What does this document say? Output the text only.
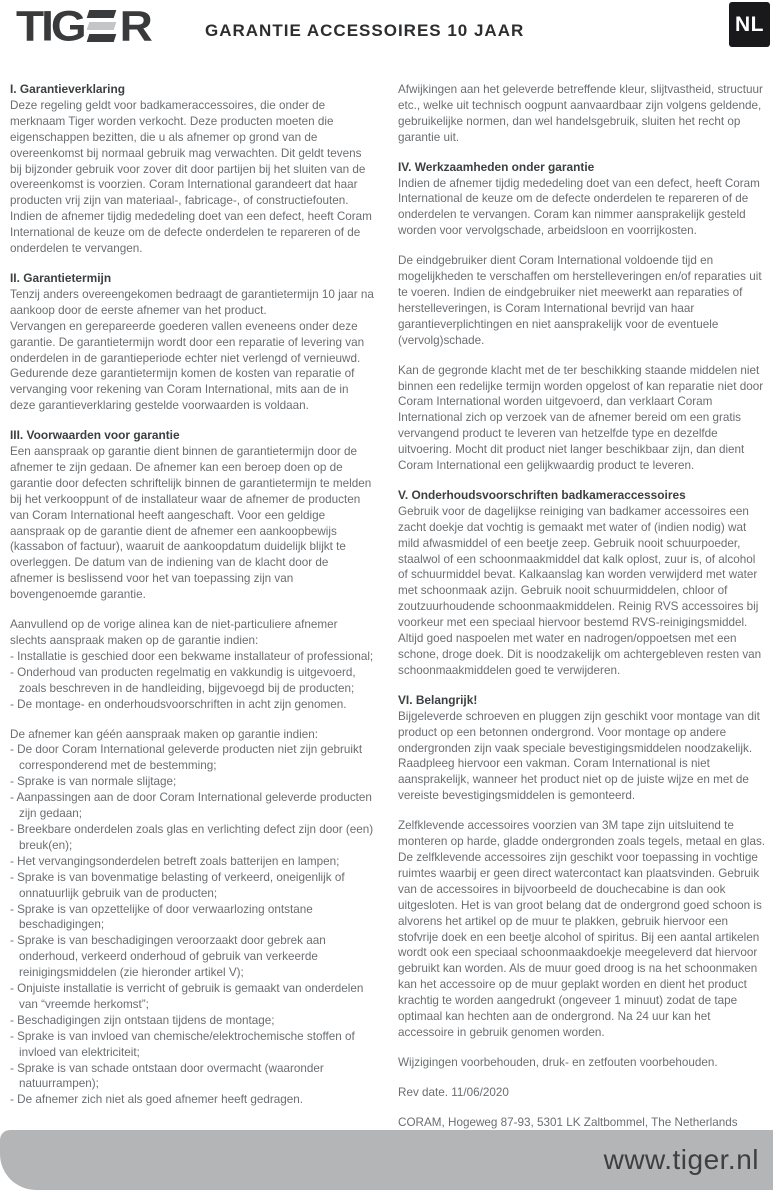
TIG R	GARANTIE ACCESSOIRES 10 JAAR	NL
I. Garantieverklaring

Deze regeling geldt voor badkameraccessoires, die onder de merknaam Tiger worden verkocht. Deze producten moeten die eigenschappen bezitten, die u als afnemer op grond van de overeenkomst bij normaal gebruik mag verwachten. Dit geldt tevens bij bijzonder gebruik voor zover dit door partijen bij het sluiten van de overeenkomst is voorzien. Coram International garandeert dat haar producten vrij zijn van materiaal-, fabricage-, of constructiefouten. Indien de afnemer tijdig mededeling doet van een defect, heeft Coram International de keuze om de defecte onderdelen te repareren of de onderdelen te vervangen.

II. Garantietermijn

Tenzij anders overeengekomen bedraagt de garantietermijn 10 jaar na aankoop door de eerste afnemer van het product.

Vervangen en gerepareerde goederen vallen eveneens onder deze garantie. De garantietermijn wordt door een reparatie of levering van onderdelen in de garantieperiode echter niet verlengd of vernieuwd.

Gedurende deze garantietermijn komen de kosten van reparatie of vervanging voor rekening van Coram International, mits aan de in deze garantieverklaring gestelde voorwaarden is voldaan.

III. Voorwaarden voor garantie

Een aanspraak op garantie dient binnen de garantietermijn door de afnemer te zijn gedaan. De afnemer kan een beroep doen op de garantie door defecten schriftelijk binnen de garantietermijn te melden bij het verkooppunt of de installateur waar de afnemer de producten van Coram International heeft aangeschaft. Voor een geldige aanspraak op de garantie dient de afnemer een aankoopbewijs (kassabon of factuur), waaruit de aankoopdatum duidelijk blijkt te overleggen. De datum van de indiening van de klacht door de afnemer is beslissend voor het van toepassing zijn van bovengenoemde garantie.

Aanvullend op de vorige alinea kan de niet-particuliere afnemer slechts aanspraak maken op de garantie indien:

- Installatie is geschied door een bekwame installateur of professional;
- Onderhoud van producten regelmatig en vakkundig is uitgevoerd, zoals beschreven in de handleiding, bijgevoegd bij de producten;
- De montage- en onderhoudsvoorschriften in acht zijn genomen.

De afnemer kan géén aanspraak maken op garantie indien:

- De door Coram International geleverde producten niet zijn gebruikt corresponderend met de bestemming;
- Sprake is van normale slijtage;
- Aanpassingen aan de door Coram International geleverde producten zijn gedaan;
- Breekbare onderdelen zoals glas en verlichting defect zijn door (een) breuk(en);
- Het vervangingsonderdelen betreft zoals batterijen en lampen;
- Sprake is van bovenmatige belasting of verkeerd, oneigenlijk of onnatuurlijk gebruik van de producten;
- Sprake is van opzettelijke of door verwaarlozing ontstane beschadigingen;
- Sprake is van beschadigingen veroorzaakt door gebrek aan onderhoud, verkeerd onderhoud of gebruik van verkeerde reinigingsmiddelen (zie hieronder artikel V);
- Onjuiste installatie is verricht of gebruik is gemaakt van onderdelen van “vreemde herkomst”;
- Beschadigingen zijn ontstaan tijdens de montage;
- Sprake is van invloed van chemische/elektrochemische stoffen of invloed van elektriciteit;
- Sprake is van schade ontstaan door overmacht (waaronder natuurrampen);
- De afnemer zich niet als goed afnemer heeft gedragen.

Afwijkingen aan het geleverde betreffende kleur, slijtvastheid, structuur etc., welke uit technisch oogpunt aanvaardbaar zijn volgens geldende, gebruikelijke normen, dan wel handelsgebruik, sluiten het recht op garantie uit.

IV. Werkzaamheden onder garantie

Indien de afnemer tijdig mededeling doet van een defect, heeft Coram International de keuze om de defecte onderdelen te repareren of de onderdelen te vervangen. Coram kan nimmer aansprakelijk gesteld worden voor vervolgschade, arbeidsloon en voorrijkosten.

De eindgebruiker dient Coram International voldoende tijd en mogelijkheden te verschaffen om herstelleveringen en/of reparaties uit te voeren. Indien de eindgebruiker niet meewerkt aan reparaties of herstelleveringen, is Coram International bevrijd van haar garantieverplichtingen en niet aansprakelijk voor de eventuele (vervolg)schade.

Kan de gegronde klacht met de ter beschikking staande middelen niet binnen een redelijke termijn worden opgelost of kan reparatie niet door Coram International worden uitgevoerd, dan verklaart Coram International zich op verzoek van de afnemer bereid om een gratis vervangend product te leveren van hetzelfde type en dezelfde uitvoering. Mocht dit product niet langer beschikbaar zijn, dan dient Coram International een gelijkwaardig product te leveren.

V. Onderhoudsvoorschriften badkameraccessoires

Gebruik voor de dagelijkse reiniging van badkamer accessoires een zacht doekje dat vochtig is gemaakt met water of (indien nodig) wat mild afwasmiddel of een beetje zeep. Gebruik nooit schuurpoeder, staalwol of een schoonmaakmiddel dat kalk oplost, zuur is, of alcohol of schuurmiddel bevat. Kalkaanslag kan worden verwijderd met water met schoonmaak azijn. Gebruik nooit schuurmiddelen, chloor of zoutzuurhoudende schoonmaakmiddelen. Reinig RVS accessoires bij voorkeur met een speciaal hiervoor bestemd RVS-reinigingsmiddel. Altijd goed naspoelen met water en nadrogen/oppoetsen met een schone, droge doek. Dit is noodzakelijk om achtergebleven resten van schoonmaakmiddelen goed te verwijderen.

VI. Belangrijk!

Bijgeleverde schroeven en pluggen zijn geschikt voor montage van dit product op een betonnen ondergrond. Voor montage op andere ondergronden zijn vaak speciale bevestigingsmiddelen noodzakelijk. Raadpleeg hiervoor een vakman. Coram International is niet aansprakelijk, wanneer het product niet op de juiste wijze en met de vereiste bevestigingsmiddelen is gemonteerd.

Zelfklevende accessoires voorzien van 3M tape zijn uitsluitend te monteren op harde, gladde ondergronden zoals tegels, metaal en glas. De zelfklevende accessoires zijn geschikt voor toepassing in vochtige ruimtes waarbij er geen direct watercontact kan plaatsvinden. Gebruik van de accessoires in bijvoorbeeld de douchecabine is dan ook uitgesloten. Het is van groot belang dat de ondergrond goed schoon is alvorens het artikel op de muur te plakken, gebruik hiervoor een stofvrije doek en een beetje alcohol of spiritus. Bij een aantal artikelen wordt ook een speciaal schoonmaakdoekje meegeleverd dat hiervoor gebruikt kan worden. Als de muur goed droog is na het schoonmaken kan het accessoire op de muur geplakt worden en dient het product krachtig te worden aangedrukt (ongeveer 1 minuut) zodat de tape optimaal kan hechten aan de ondergrond. Na 24 uur kan het accessoire in gebruik genomen worden.

Wijzigingen voorbehouden, druk- en zetfouten voorbehouden.

Rev date. 11/06/2020

CORAM, Hogeweg 87-93, 5301 LK Zaltbommel, The Netherlands

www.tiger.nl
